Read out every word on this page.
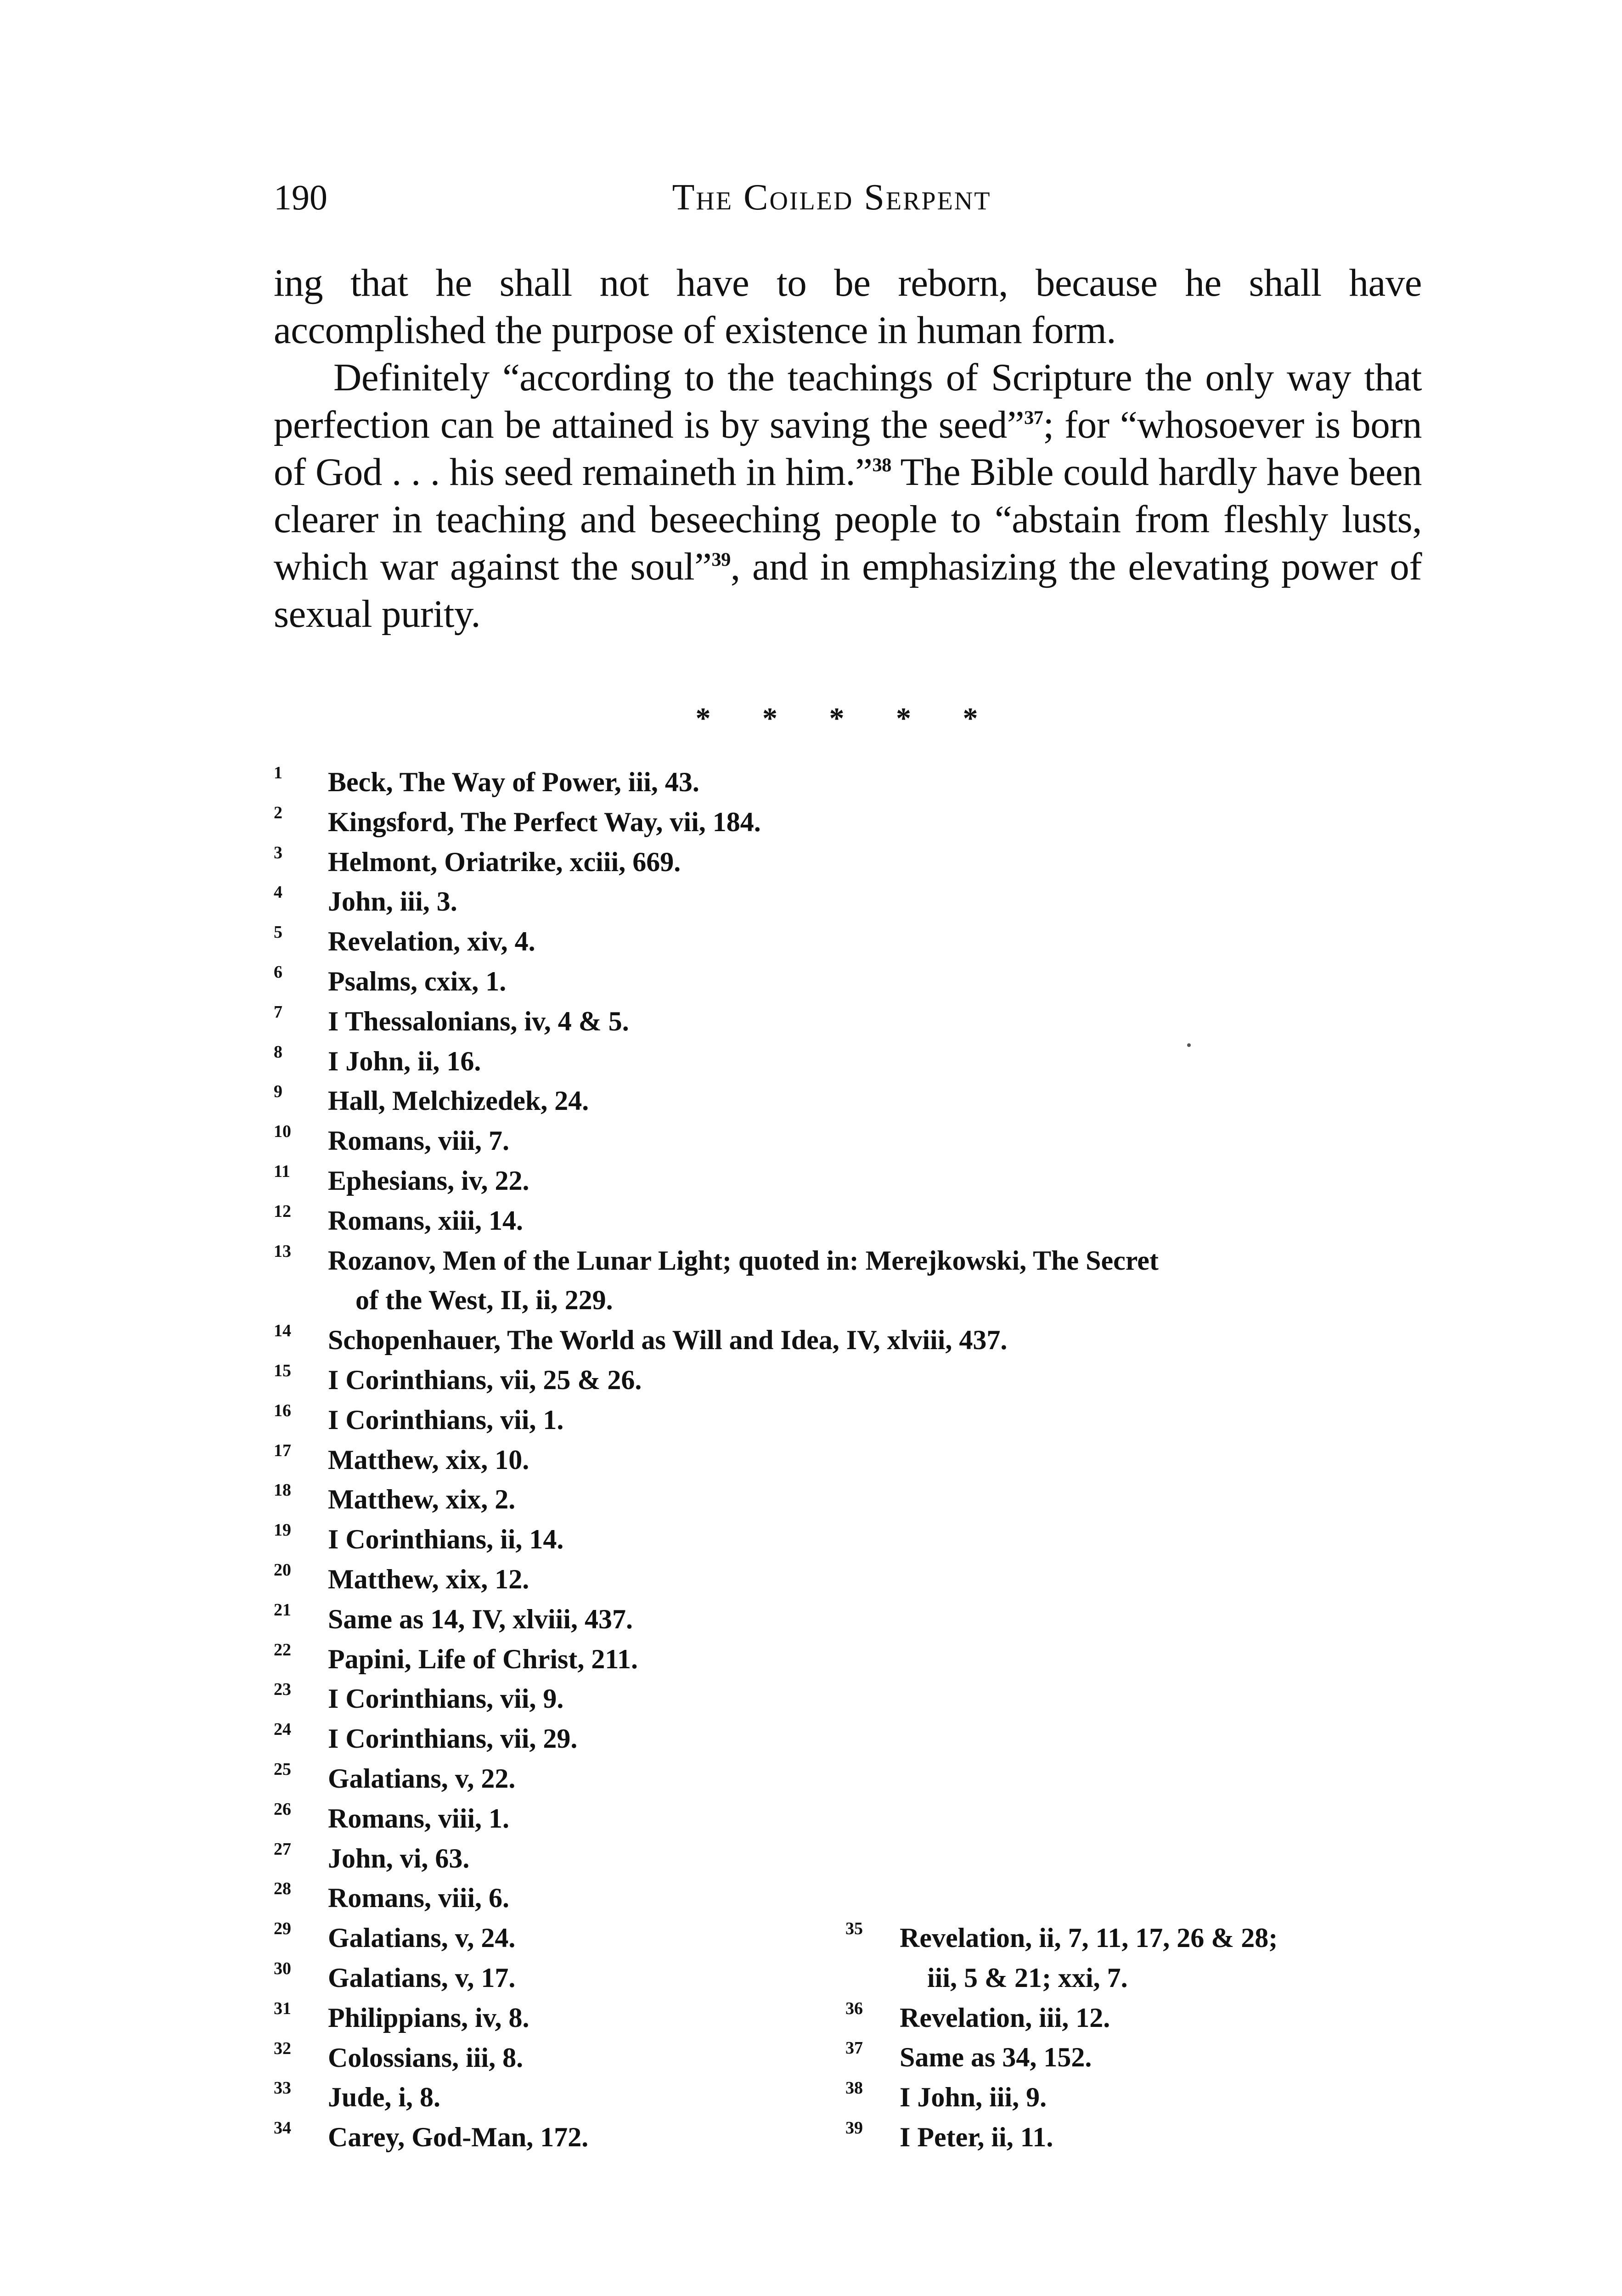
190	The Coiled Serpent

ing that he shall not have to be reborn, because he shall have accomplished the purpose of existence in human form.

Definitely “according to the teachings of Scripture the only way that perfection can be attained is by saving the seed”$^{37}$; for “whosoever is born of God . . . his seed remaineth in him.”$^{38}$ The Bible could hardly have been clearer in teaching and beseeching people to “abstain from fleshly lusts, which war against the soul”$^{39}$, and in emphasizing the elevating power of sexual purity.

* * * * *
1 Beck, The Way of Power, iii, 43.
2 Kingsford, The Perfect Way, vii, 184.
3 Helmont, Oriatrike, xciii, 669.
4 John, iii, 3.
5 Revelation, xiv, 4.
6 Psalms, cxix, 1.
7 I Thessalonians, iv, 4 & 5.
8 I John, ii, 16.
9 Hall, Melchizedek, 24.
10 Romans, viii, 7.
11 Ephesians, iv, 22.
12 Romans, xiii, 14.
13 Rozanov, Men of the Lunar Light; quoted in: Merejkowski, The Secret
of the West, II, ii, 229.
14 Schopenhauer, The World as Will and Idea, IV, xlviii, 437.
15 I Corinthians, vii, 25 & 26.
16 I Corinthians, vii, 1.
17 Matthew, xix, 10.
18 Matthew, xix, 2.
19 I Corinthians, ii, 14.
20 Matthew, xix, 12.
21 Same as 14, IV, xlviii, 437.
22 Papini, Life of Christ, 211.
23 I Corinthians, vii, 9.
24 I Corinthians, vii, 29.
25 Galatians, v, 22.
26 Romans, viii, 1.
27 John, vi, 63.
28 Romans, viii, 6.
29 Galatians, v, 24.
30 Galatians, v, 17.
31 Philippians, iv, 8.
32 Colossians, iii, 8.
33 Jude, i, 8.
34 Carey, God-Man, 172.
35 Revelation, ii, 7, 11, 17, 26 & 28;
iii, 5 & 21; xxi, 7.
36 Revelation, iii, 12.
37 Same as 34, 152.
38 I John, iii, 9.
39 I Peter, ii, 11.
